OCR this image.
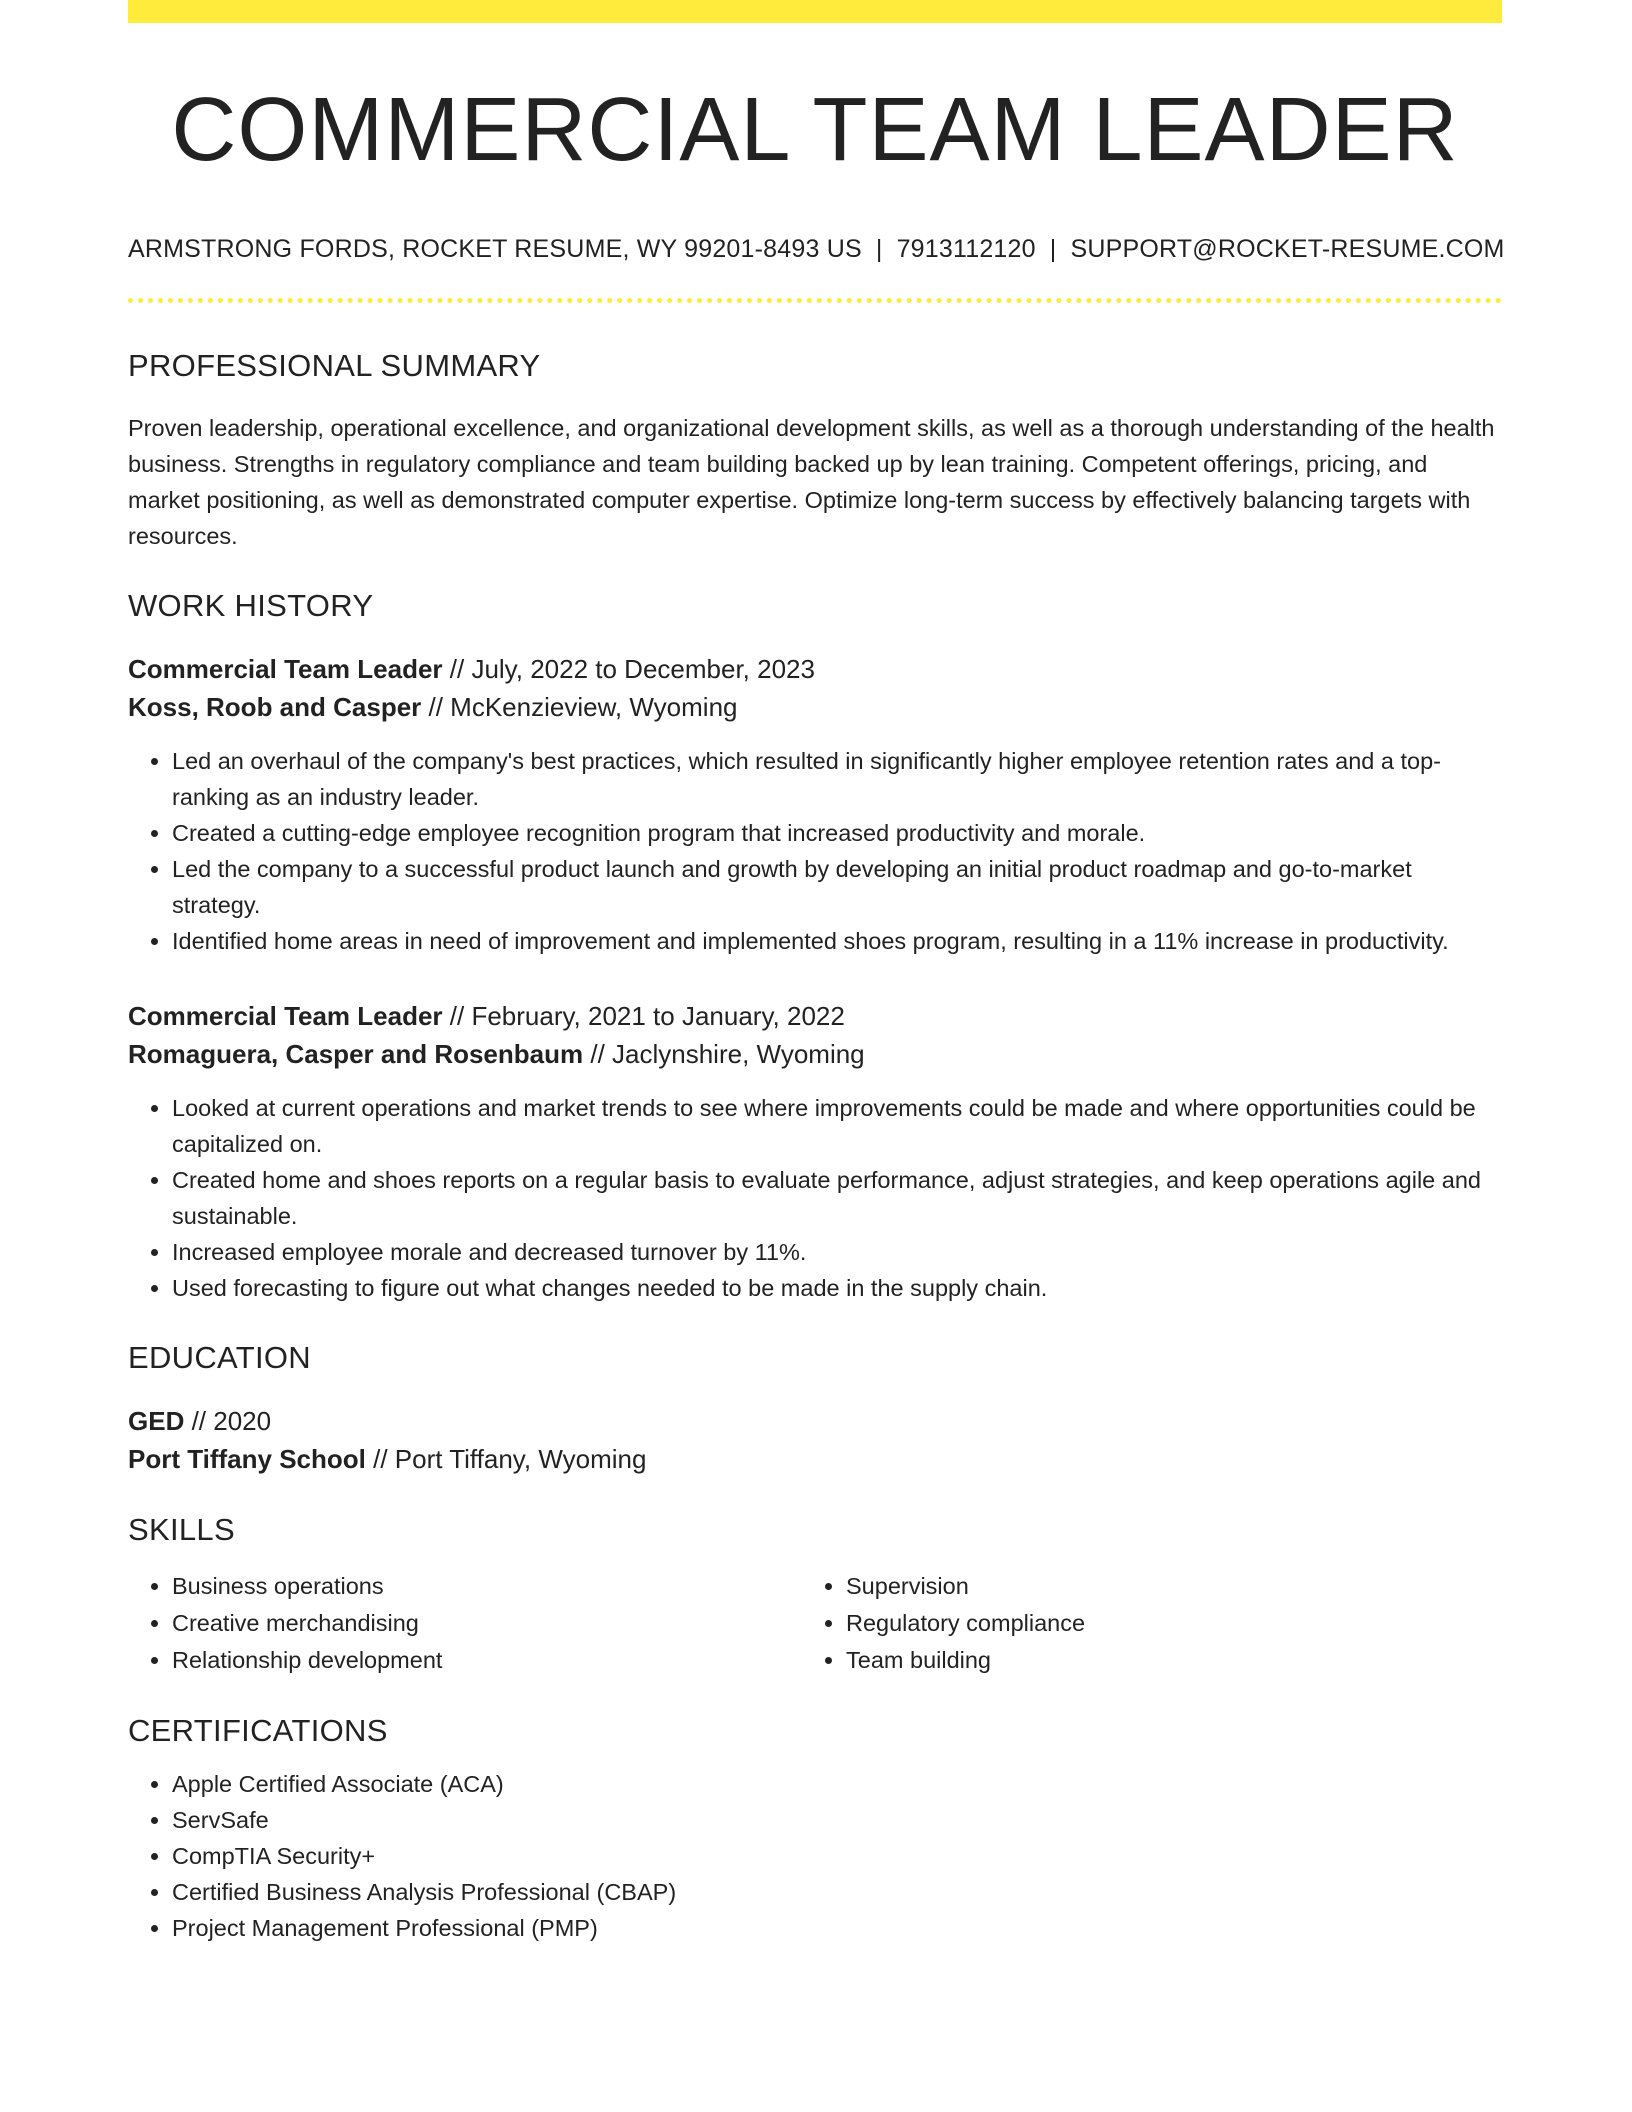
COMMERCIAL TEAM LEADER
ARMSTRONG FORDS, ROCKET RESUME, WY 99201-8493 US | 7913112120 | SUPPORT@ROCKET-RESUME.COM
PROFESSIONAL SUMMARY

Proven leadership, operational excellence, and organizational development skills, as well as a thorough understanding of the health business. Strengths in regulatory compliance and team building backed up by lean training. Competent offerings, pricing, and market positioning, as well as demonstrated computer expertise. Optimize long-term success by effectively balancing targets with resources.

WORK HISTORY
Commercial Team Leader // July, 2022 to December, 2023
Koss, Roob and Casper // McKenzieview, Wyoming
• Led an overhaul of the company's best practices, which resulted in significantly higher employee retention rates and a top-ranking as an industry leader.
• Created a cutting-edge employee recognition program that increased productivity and morale.
• Led the company to a successful product launch and growth by developing an initial product roadmap and go-to-market strategy.
• Identified home areas in need of improvement and implemented shoes program, resulting in a 11% increase in productivity.
Commercial Team Leader // February, 2021 to January, 2022
Romaguera, Casper and Rosenbaum // Jaclynshire, Wyoming
• Looked at current operations and market trends to see where improvements could be made and where opportunities could be capitalized on.
• Created home and shoes reports on a regular basis to evaluate performance, adjust strategies, and keep operations agile and sustainable.
• Increased employee morale and decreased turnover by 11%.
• Used forecasting to figure out what changes needed to be made in the supply chain.
EDUCATION
GED // 2020
Port Tiffany School // Port Tiffany, Wyoming
SKILLS
• Business operations
• Creative merchandising
• Relationship development
• Supervision
• Regulatory compliance
• Team building
CERTIFICATIONS
• Apple Certified Associate (ACA)
• ServSafe
• CompTIA Security+
• Certified Business Analysis Professional (CBAP)
• Project Management Professional (PMP)
